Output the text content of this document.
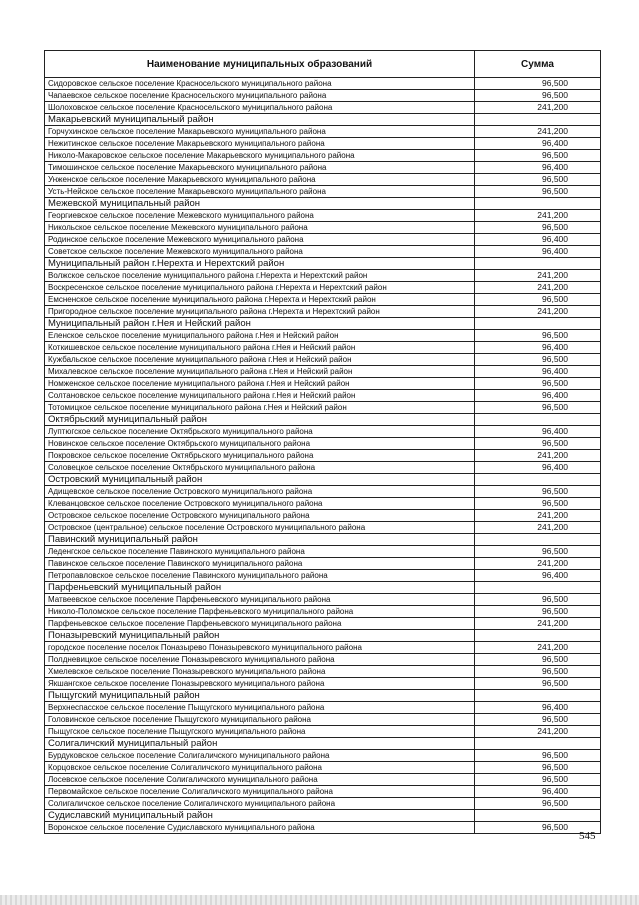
Наименование муниципальных образований	Сумма
Сидоровское сельское поселение Красносельского муниципального района	96,500
Чапаевское сельское поселение Красносельского муниципального района	96,500
Шолоховское сельское поселение Красносельского муниципального района	241,200
Макарьевский муниципальный район	
Горчухинское сельское поселение Макарьевского муниципального района	241,200
Нежитинское сельское поселение Макарьевского муниципального района	96,400
Николо-Макаровское сельское поселение Макарьевского муниципального района	96,500
Тимошинское сельское поселение Макарьевского муниципального района	96,400
Унженское сельское поселение Макарьевского муниципального района	96,500
Усть-Нейское сельское поселение Макарьевского муниципального района	96,500
Межевской муниципальный район	
Георгиевское сельское поселение Межевского муниципального района	241,200
Никольское сельское поселение Межевского муниципального района	96,500
Родинское сельское поселение Межевского муниципального района	96,400
Советское сельское поселение Межевского муниципального района	96,400
Муниципальный район г.Нерехта и Нерехтский район	
Волжское сельское поселение муниципального района г.Нерехта и Нерехтский район	241,200
Воскресенское сельское поселение муниципального района г.Нерехта и Нерехтский район	241,200
Емсненское сельское поселение муниципального района г.Нерехта и Нерехтский район	96,500
Пригородное сельское поселение муниципального района г.Нерехта и Нерехтский район	241,200
Муниципальный район г.Нея и Нейский район	
Еленское сельское поселение муниципального района г.Нея и Нейский район	96,500
Коткишевское сельское поселение муниципального района г.Нея и Нейский район	96,400
Кужбальское сельское поселение муниципального района г.Нея и Нейский район	96,500
Михалевское сельское поселение муниципального района г.Нея и Нейский район	96,400
Номженское сельское поселение муниципального района г.Нея и Нейский район	96,500
Солтановское сельское поселение муниципального района г.Нея и Нейский район	96,400
Тотомицкое сельское поселение муниципального района г.Нея и Нейский район	96,500
Октябрьский муниципальный район	
Луптюгское сельское поселение Октябрьского муниципального района	96,400
Новинское сельское поселение Октябрьского муниципального района	96,500
Покровское сельское поселение Октябрьского муниципального района	241,200
Соловецкое сельское поселение Октябрьского муниципального района	96,400
Островский муниципальный район	
Адищевское сельское поселение Островского муниципального района	96,500
Клеванцовское сельское поселение Островского муниципального района	96,500
Островское сельское поселение Островского муниципального района	241,200
Островское (центральное) сельское поселение Островского муниципального района	241,200
Павинский муниципальный район	
Леденгское сельское поселение Павинского муниципального района	96,500
Павинское сельское поселение Павинского муниципального района	241,200
Петропавловское сельское поселение Павинского муниципального района	96,400
Парфеньевский муниципальный район	
Матвеевское сельское поселение Парфеньевского муниципального района	96,500
Николо-Поломское сельское поселение Парфеньевского муниципального района	96,500
Парфеньевское сельское поселение Парфеньевского муниципального района	241,200
Поназыревский муниципальный район	
городское поселение поселок Поназырево Поназыревского муниципального района	241,200
Полдневицкое сельское поселение Поназыревского муниципального района	96,500
Хмелевское сельское поселение Поназыревского муниципального района	96,500
Якшангское сельское поселение Поназыревского муниципального района	96,500
Пыщугский муниципальный район	
Верхнеспасское сельское поселение Пыщугского муниципального района	96,400
Головинское сельское поселение Пыщугского муниципального района	96,500
Пыщугское сельское поселение Пыщугского муниципального района	241,200
Солигаличский муниципальный район	
Бурдуковское сельское поселение Солигаличского муниципального района	96,500
Корцовское сельское поселение Солигаличского муниципального района	96,500
Лосевское сельское поселение Солигаличского муниципального района	96,500
Первомайское сельское поселение Солигаличского муниципального района	96,400
Солигаличское сельское поселение Солигаличского муниципального района	96,500
Судиславский муниципальный район	
Воронское сельское поселение Судиславского муниципального района	96,500
545
